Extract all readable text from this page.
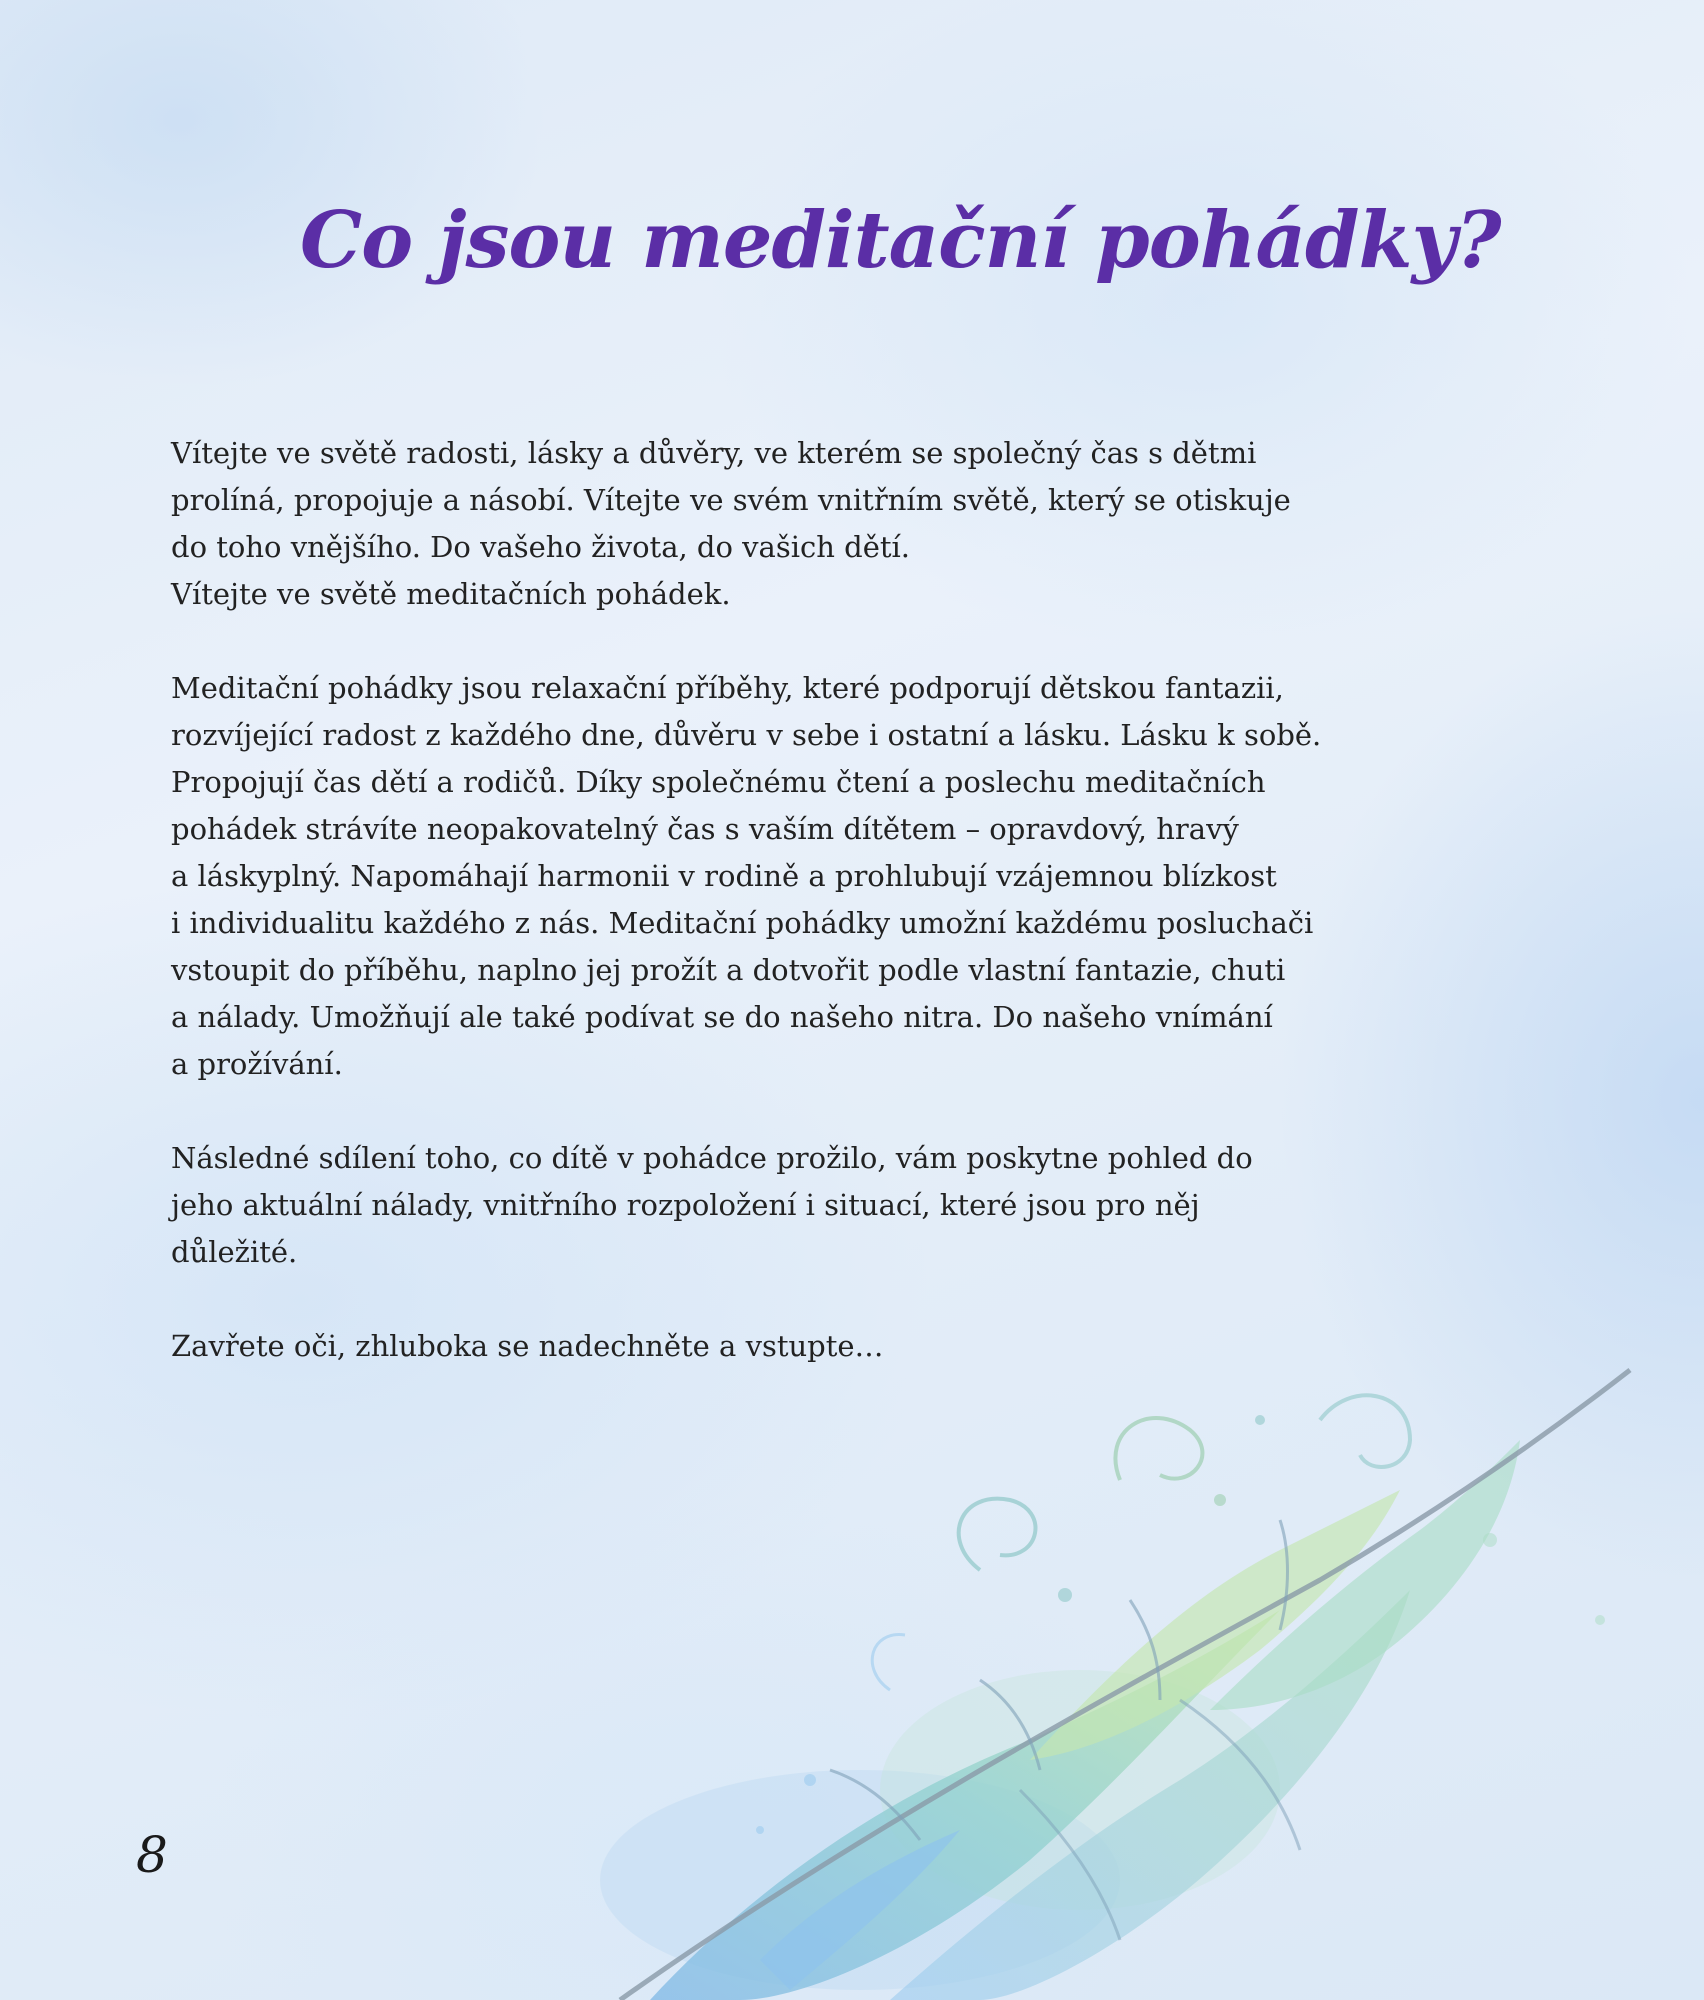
Co jsou meditační pohádky?

Vítejte ve světě radosti, lásky a důvěry, ve kterém se společný čas s dětmi
prolíná, propojuje a násobí. Vítejte ve svém vnitřním světě, který se otiskuje
do toho vnějšího. Do vašeho života, do vašich dětí.
Vítejte ve světě meditačních pohádek.

Meditační pohádky jsou relaxační příběhy, které podporují dětskou fantazii,
rozvíjející radost z každého dne, důvěru v sebe i ostatní a lásku. Lásku k sobě.
Propojují čas dětí a rodičů. Díky společnému čtení a poslechu meditačních
pohádek strávíte neopakovatelný čas s vaším dítětem – opravdový, hravý
a láskyplný. Napomáhají harmonii v rodině a prohlubují vzájemnou blízkost
i individualitu každého z nás. Meditační pohádky umožní každému posluchači
vstoupit do příběhu, naplno jej prožít a dotvořit podle vlastní fantazie, chuti
a nálady. Umožňují ale také podívat se do našeho nitra. Do našeho vnímání
a prožívání.

Následné sdílení toho, co dítě v pohádce prožilo, vám poskytne pohled do
jeho aktuální nálady, vnitřního rozpoložení i situací, které jsou pro něj
důležité.

Zavřete oči, zhluboka se nadechněte a vstupte…

8
